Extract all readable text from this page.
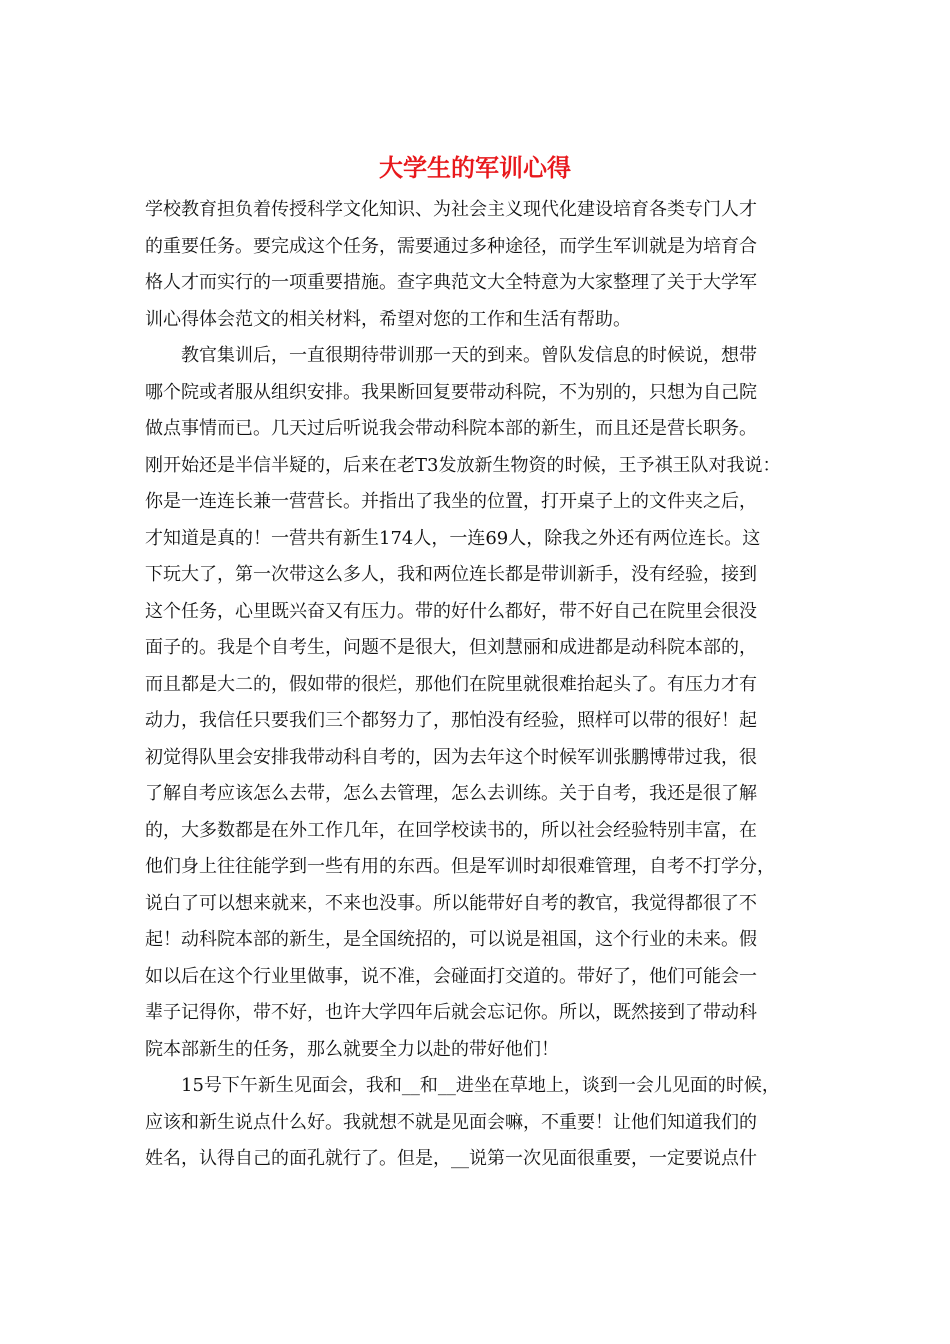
大学生的军训心得
学校教育担负着传授科学文化知识、为社会主义现代化建设培育各类专门人才
的重要任务。要完成这个任务，需要通过多种途径，而学生军训就是为培育合
格人才而实行的一项重要措施。查字典范文大全特意为大家整理了关于大学军
训心得体会范文的相关材料，希望对您的工作和生活有帮助。
教官集训后，一直很期待带训那一天的到来。曾队发信息的时候说，想带
哪个院或者服从组织安排。我果断回复要带动科院，不为别的，只想为自己院
做点事情而已。几天过后听说我会带动科院本部的新生，而且还是营长职务。
刚开始还是半信半疑的，后来在老T3发放新生物资的时候，王予祺王队对我说：
你是一连连长兼一营营长。并指出了我坐的位置，打开桌子上的文件夹之后，
才知道是真的！一营共有新生174人，一连69人，除我之外还有两位连长。这
下玩大了，第一次带这么多人，我和两位连长都是带训新手，没有经验，接到
这个任务，心里既兴奋又有压力。带的好什么都好，带不好自己在院里会很没
面子的。我是个自考生，问题不是很大，但刘慧丽和成进都是动科院本部的，
而且都是大二的，假如带的很烂，那他们在院里就很难抬起头了。有压力才有
动力，我信任只要我们三个都努力了，那怕没有经验，照样可以带的很好！起
初觉得队里会安排我带动科自考的，因为去年这个时候军训张鹏博带过我，很
了解自考应该怎么去带，怎么去管理，怎么去训练。关于自考，我还是很了解
的，大多数都是在外工作几年，在回学校读书的，所以社会经验特别丰富，在
他们身上往往能学到一些有用的东西。但是军训时却很难管理，自考不打学分，
说白了可以想来就来，不来也没事。所以能带好自考的教官，我觉得都很了不
起！动科院本部的新生，是全国统招的，可以说是祖国，这个行业的未来。假
如以后在这个行业里做事，说不准，会碰面打交道的。带好了，他们可能会一
辈子记得你，带不好，也许大学四年后就会忘记你。所以，既然接到了带动科
院本部新生的任务，那么就要全力以赴的带好他们！
15号下午新生见面会，我和__和__进坐在草地上，谈到一会儿见面的时候，
应该和新生说点什么好。我就想不就是见面会嘛，不重要！让他们知道我们的
姓名，认得自己的面孔就行了。但是，__说第一次见面很重要，一定要说点什
